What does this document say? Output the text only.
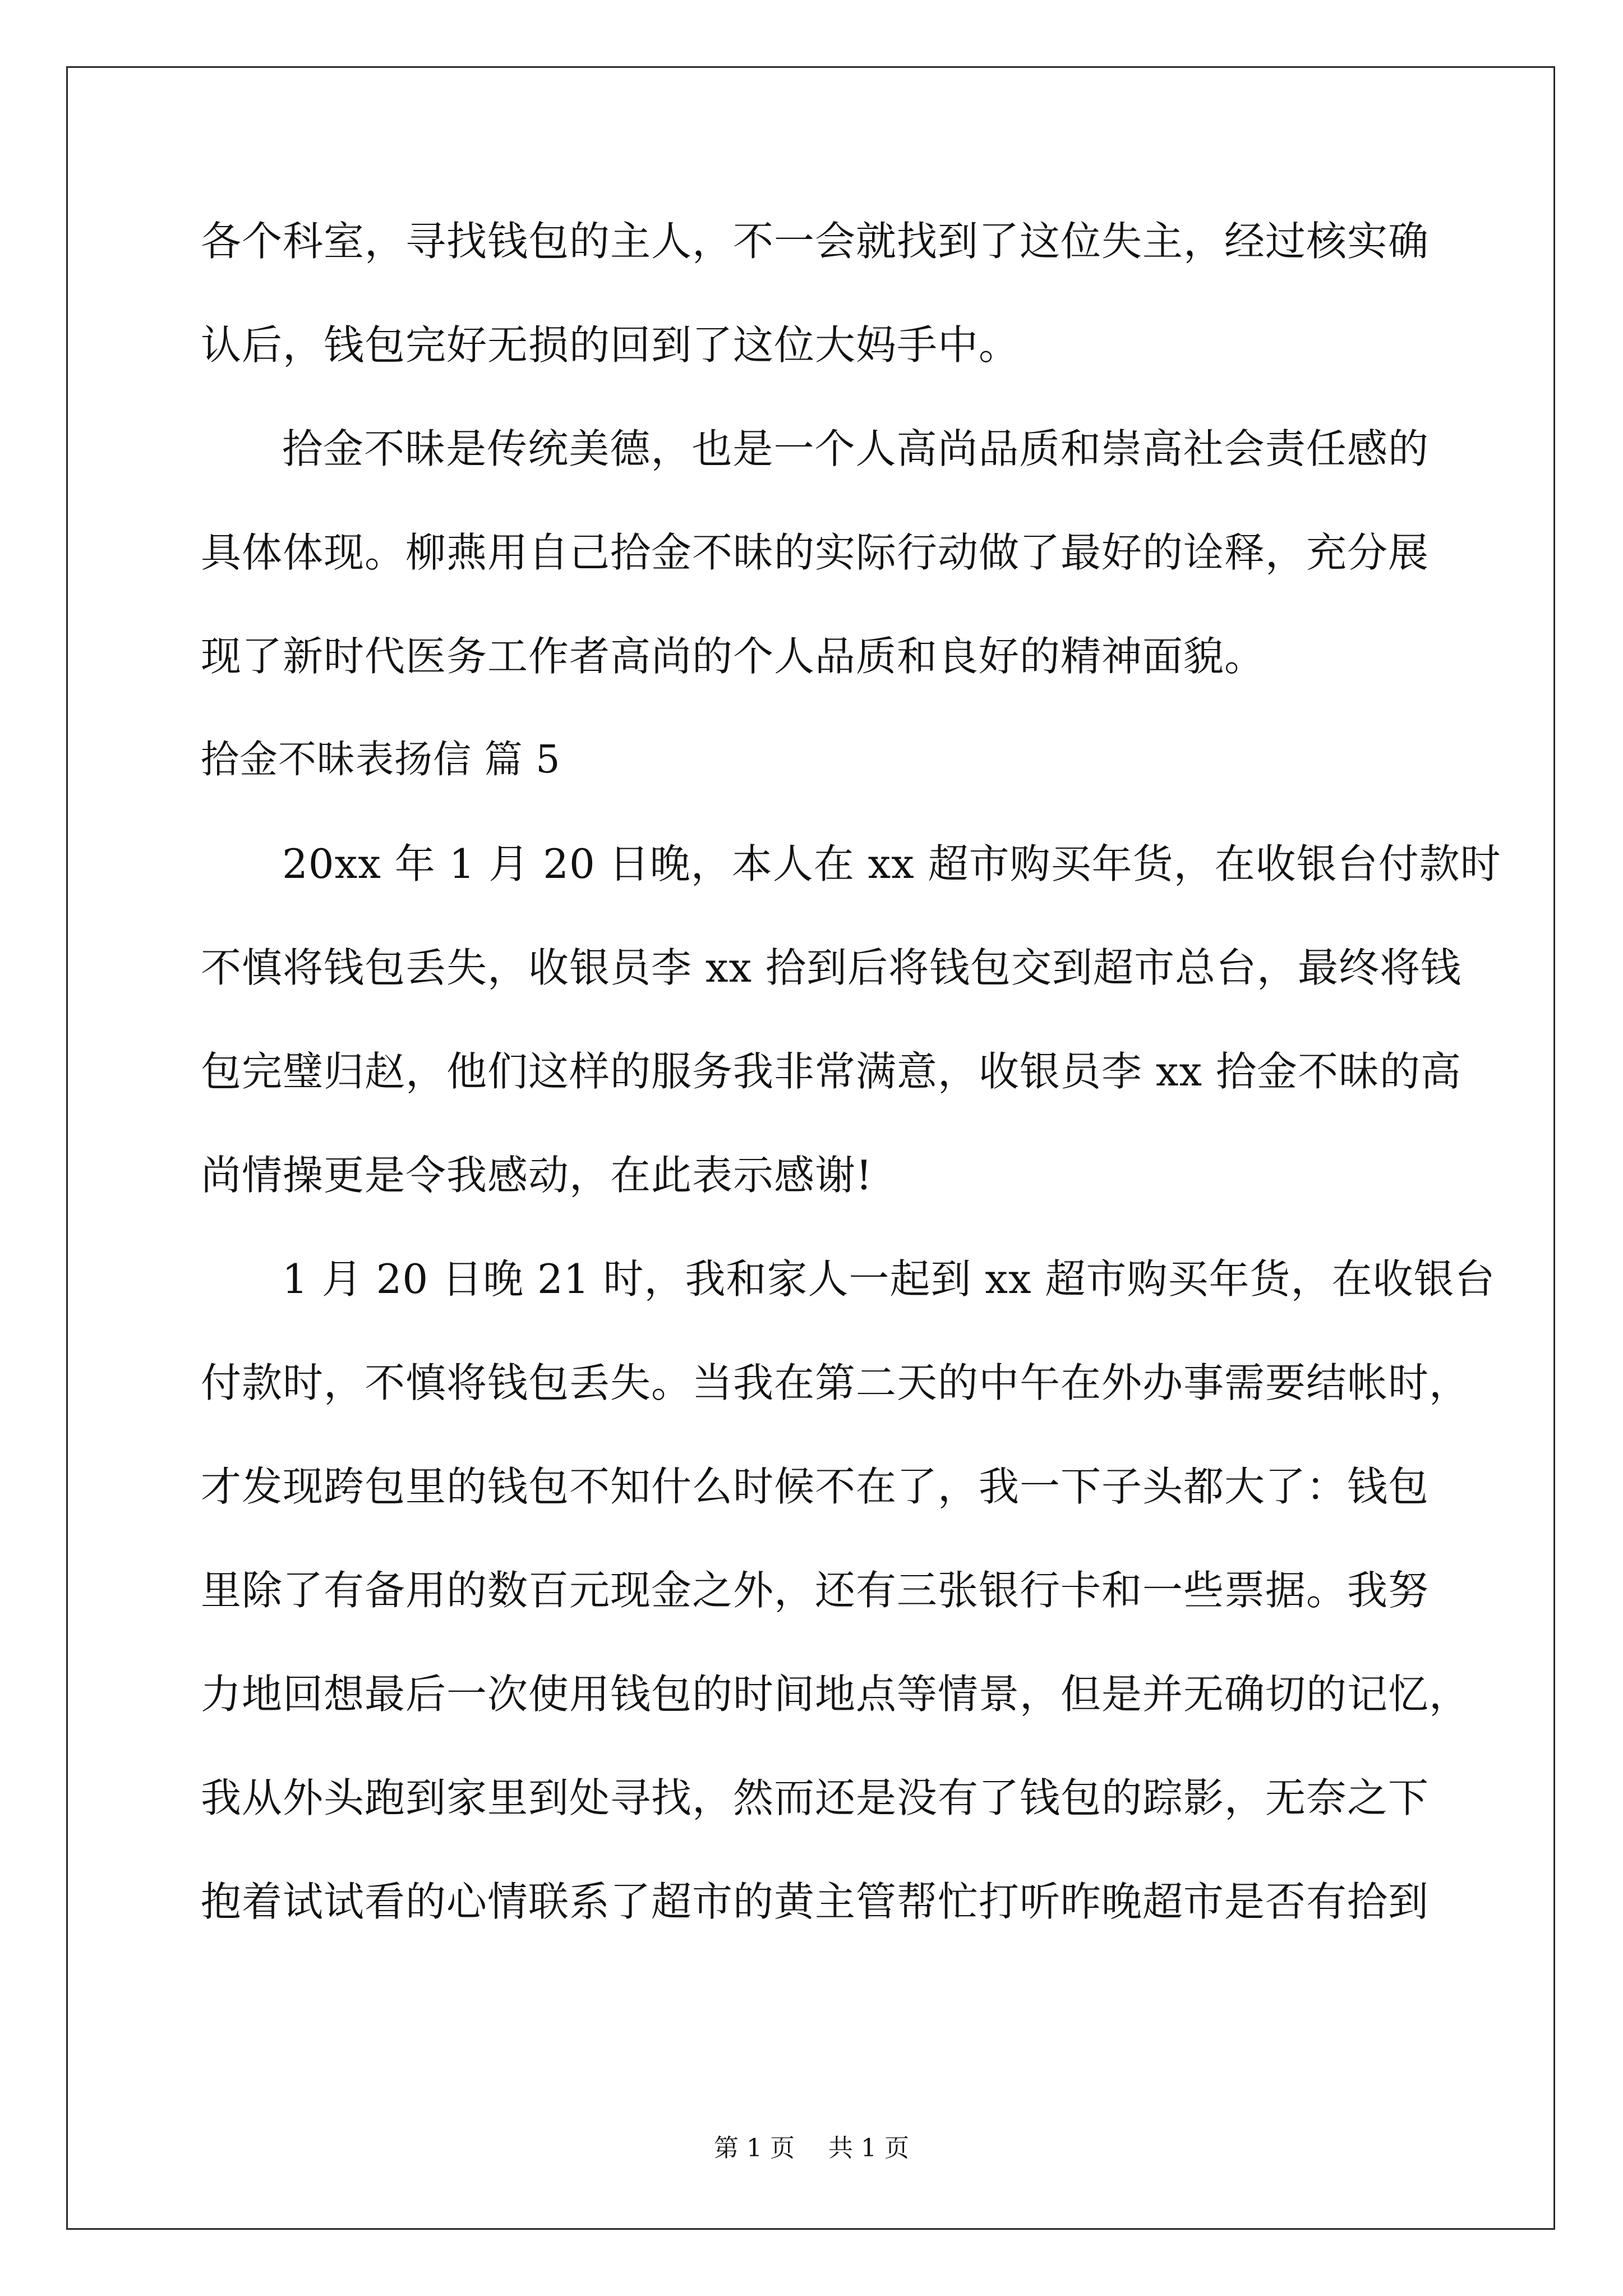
各个科室，寻找钱包的主人，不一会就找到了这位失主，经过核实确
认后，钱包完好无损的回到了这位大妈手中。
拾金不昧是传统美德，也是一个人高尚品质和崇高社会责任感的
具体体现。柳燕用自己拾金不昧的实际行动做了最好的诠释，充分展
现了新时代医务工作者高尚的个人品质和良好的精神面貌。
拾金不昧表扬信 篇 5
20xx 年 1 月 20 日晚，本人在 xx 超市购买年货，在收银台付款时
不慎将钱包丢失，收银员李 xx 拾到后将钱包交到超市总台，最终将钱
包完璧归赵，他们这样的服务我非常满意，收银员李 xx 拾金不昧的高
尚情操更是令我感动，在此表示感谢!
1 月 20 日晚 21 时，我和家人一起到 xx 超市购买年货，在收银台
付款时，不慎将钱包丢失。当我在第二天的中午在外办事需要结帐时，
才发现跨包里的钱包不知什么时候不在了，我一下子头都大了：钱包
里除了有备用的数百元现金之外，还有三张银行卡和一些票据。我努
力地回想最后一次使用钱包的时间地点等情景，但是并无确切的记忆，
我从外头跑到家里到处寻找，然而还是没有了钱包的踪影，无奈之下
抱着试试看的心情联系了超市的黄主管帮忙打听昨晚超市是否有拾到
第 1 页 共 1 页
